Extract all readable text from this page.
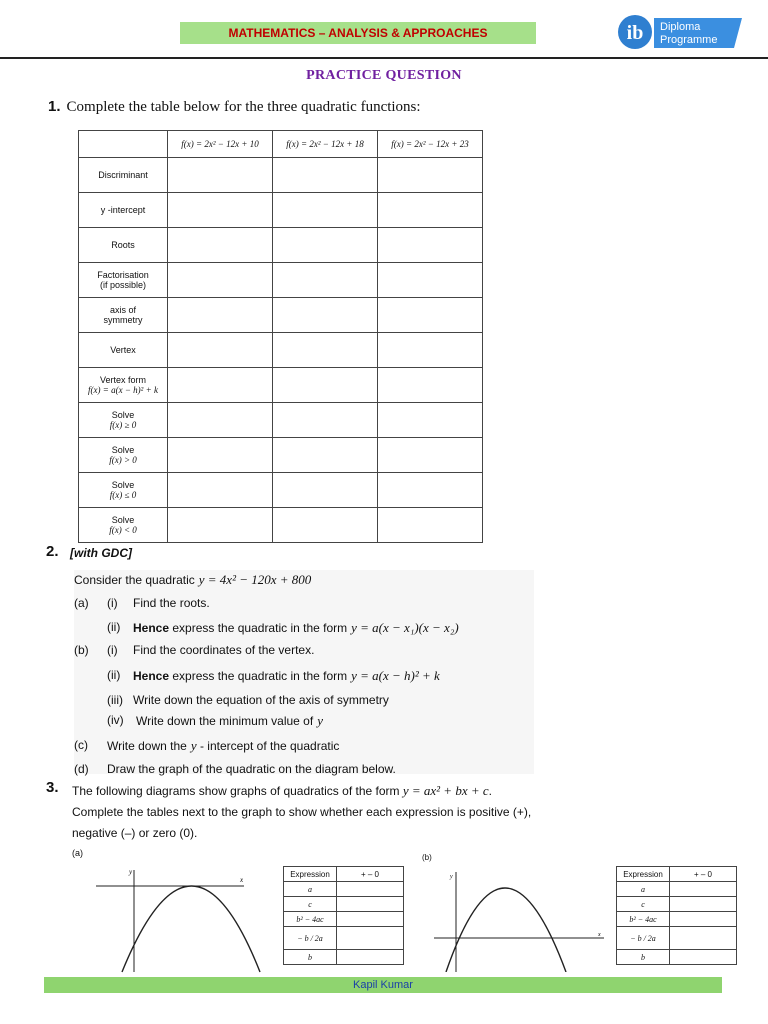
MATHEMATICS – ANALYSIS & APPROACHES	ib Diploma
Programme
PRACTICE QUESTION
1. Complete the table below for the three quadratic functions:
	f(x) = 2x² − 12x + 10	f(x) = 2x² − 12x + 18	f(x) = 2x² − 12x + 23

Discriminant			

y -intercept			

Roots			

Factorisation
(if possible)			

axis of
symmetry			

Vertex			

Vertex form
f(x) = a(x − h)² + k			

Solve
f(x) ≥ 0			

Solve
f(x) > 0			

Solve
f(x) ≤ 0			

Solve
f(x) < 0			

2. [with GDC]
Consider the quadratic y = 4x² − 120x + 800
(a) (i) Find the roots.
(ii) Hence express the quadratic in the form y = a(x − x₁)(x − x₂)
(b) (i) Find the coordinates of the vertex.
(ii) Hence express the quadratic in the form y = a(x − h)² + k
(iii) Write down the equation of the axis of symmetry
(iv) Write down the minimum value of y
(c) Write down the y - intercept of the quadratic
(d) Draw the graph of the quadratic on the diagram below.
3. The following diagrams show graphs of quadratics of the form y = ax² + bx + c.
Complete the tables next to the graph to show whether each expression is positive (+),
negative (–) or zero (0).
(a)	(b)
y
x	y
x
Expression	+ – 0
a	
c	
b² − 4ac	
− b / 2a	
b	
Expression	+ – 0
a	
c	
b² − 4ac	
− b / 2a	
b	
Kapil Kumar
